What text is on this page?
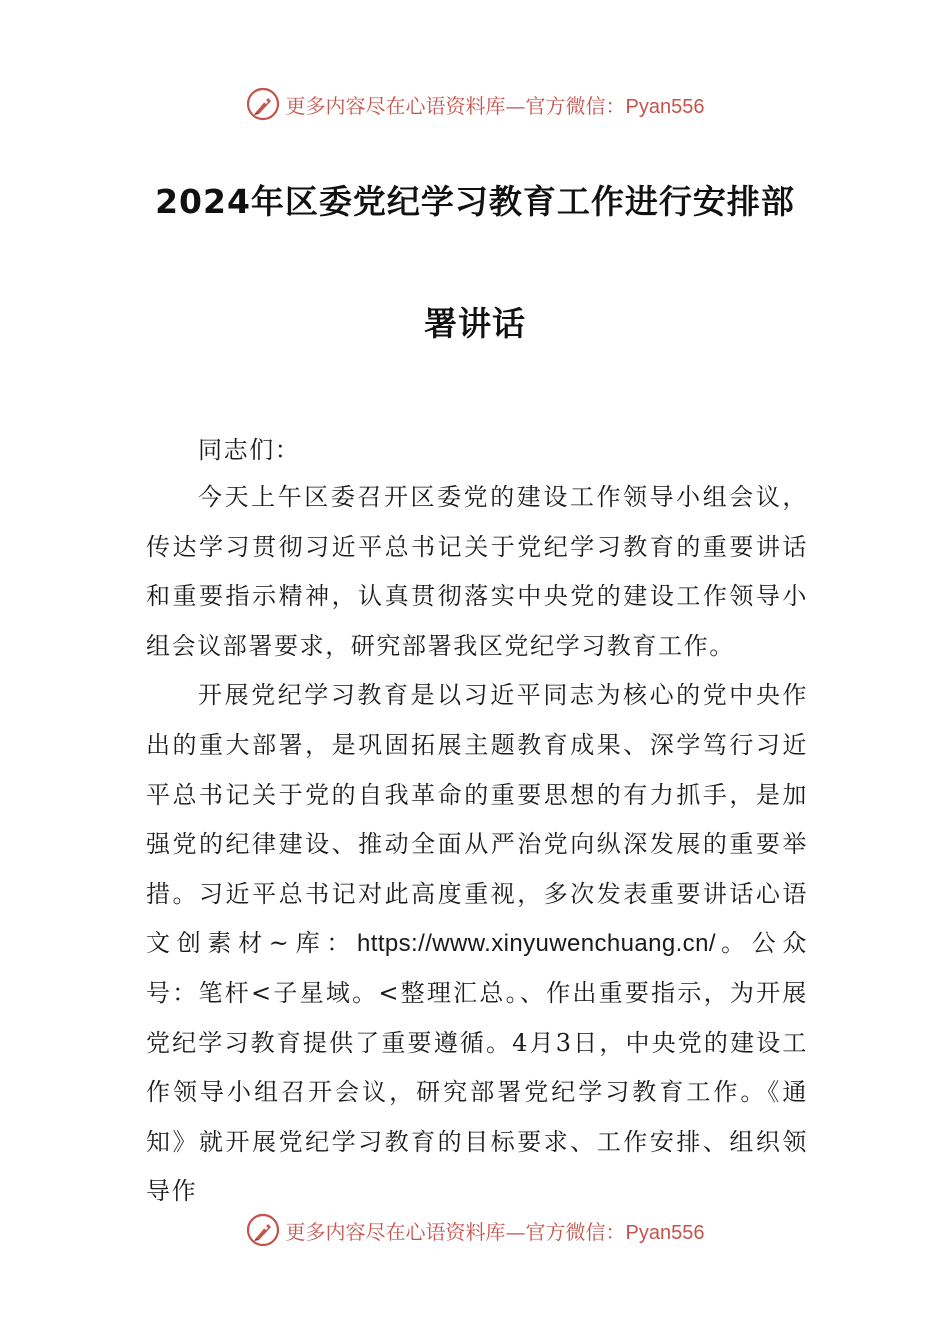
更多内容尽在心语资料库—官方微信：Pyan556
2024年区委党纪学习教育工作进行安排部
署讲话
同志们：

今天上午区委召开区委党的建设工作领导小组会议，传达学习贯彻习近平总书记关于党纪学习教育的重要讲话和重要指示精神，认真贯彻落实中央党的建设工作领导小组会议部署要求，研究部署我区党纪学习教育工作。

开展党纪学习教育是以习近平同志为核心的党中央作出的重大部署，是巩固拓展主题教育成果、深学笃行习近平总书记关于党的自我革命的重要思想的有力抓手，是加强党的纪律建设、推动全面从严治党向纵深发展的重要举措。习近平总书记对此高度重视，多次发表重要讲话心语文创素材~库：https://www.xinyuwenchuang.cn/。公众号：笔杆<子星域。<整理汇总。、作出重要指示，为开展党纪学习教育提供了重要遵循。4月3日，中央党的建设工作领导小组召开会议，研究部署党纪学习教育工作。《通知》就开展党纪学习教育的目标要求、工作安排、组织领导作

更多内容尽在心语资料库—官方微信：Pyan556
